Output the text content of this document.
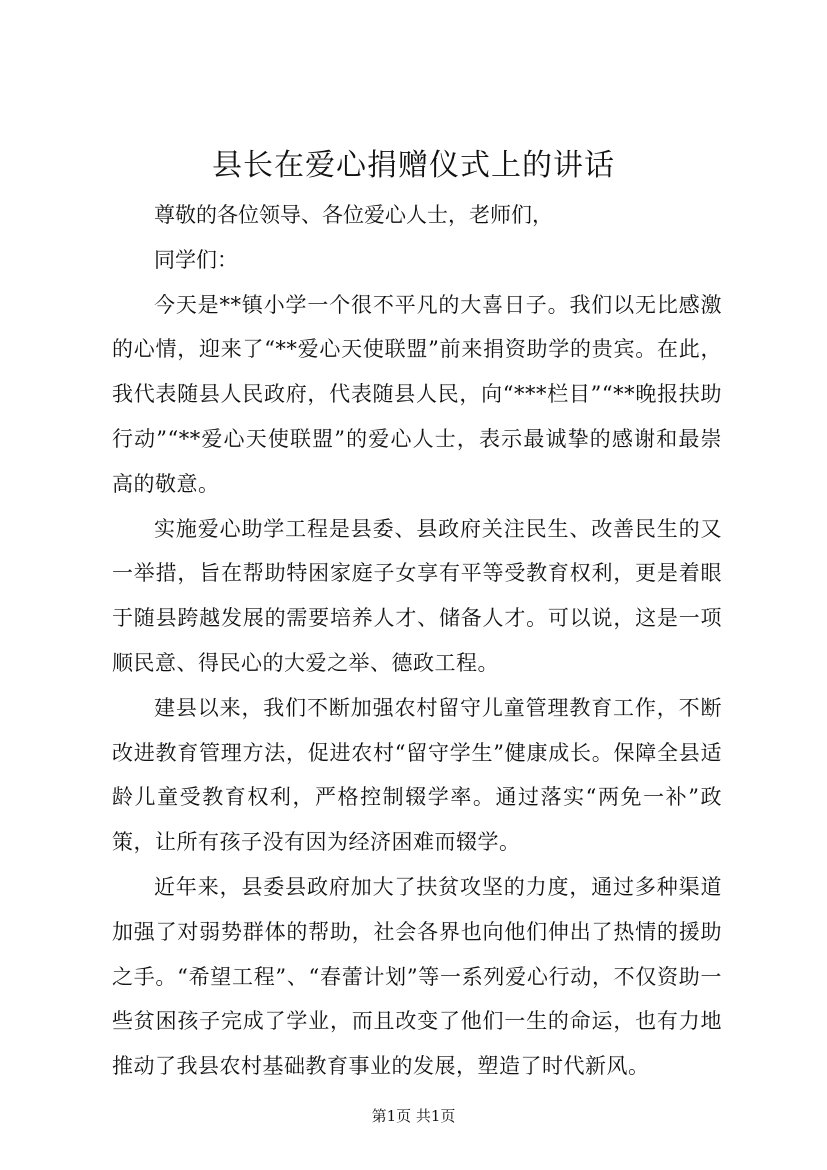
县长在爱心捐赠仪式上的讲话

尊敬的各位领导、各位爱心人士，老师们，

同学们：

今天是**镇小学一个很不平凡的大喜日子。我们以无比感激的心情，迎来了“**爱心天使联盟”前来捐资助学的贵宾。在此，我代表随县人民政府，代表随县人民，向“***栏目”“**晚报扶助行动”“**爱心天使联盟”的爱心人士，表示最诚挚的感谢和最崇高的敬意。

实施爱心助学工程是县委、县政府关注民生、改善民生的又一举措，旨在帮助特困家庭子女享有平等受教育权利，更是着眼于随县跨越发展的需要培养人才、储备人才。可以说，这是一项顺民意、得民心的大爱之举、德政工程。

建县以来，我们不断加强农村留守儿童管理教育工作，不断改进教育管理方法，促进农村“留守学生”健康成长。保障全县适龄儿童受教育权利，严格控制辍学率。通过落实“两免一补”政策，让所有孩子没有因为经济困难而辍学。

近年来，县委县政府加大了扶贫攻坚的力度，通过多种渠道加强了对弱势群体的帮助，社会各界也向他们伸出了热情的援助之手。“希望工程”、“春蕾计划”等一系列爱心行动，不仅资助一些贫困孩子完成了学业，而且改变了他们一生的命运，也有力地推动了我县农村基础教育事业的发展，塑造了时代新风。

第1页 共1页
